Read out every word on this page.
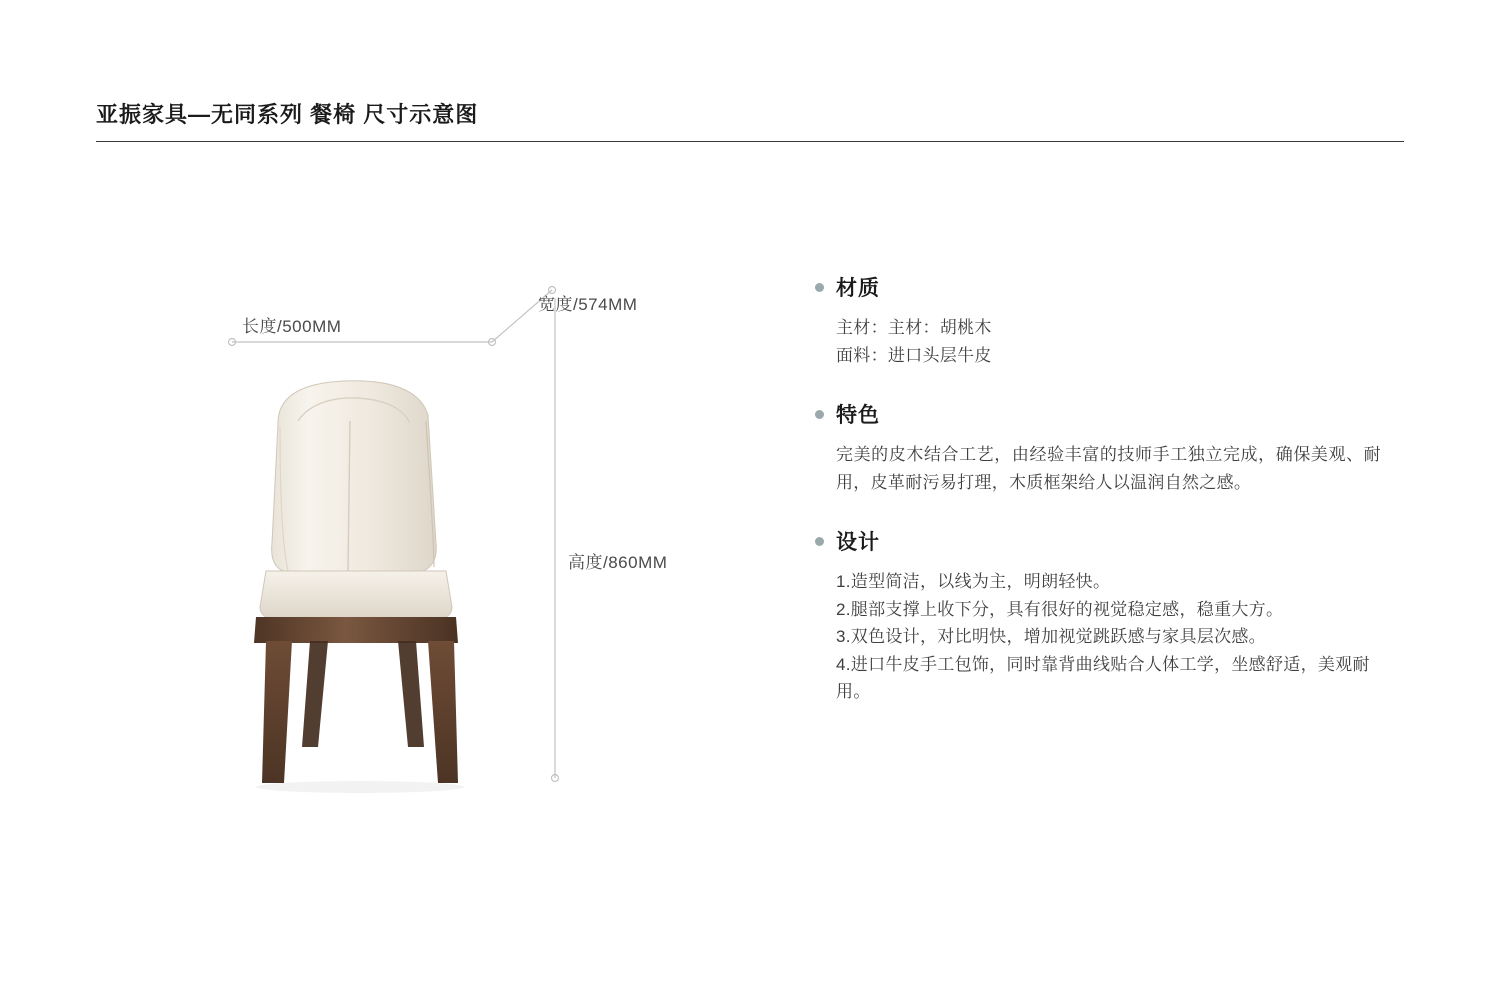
亚振家具—无同系列 餐椅 尺寸示意图
长度/500MM
宽度/574MM
高度/860MM
材质
主材：主材：胡桃木
面料：进口头层牛皮
特色
完美的皮木结合工艺，由经验丰富的技师手工独立完成，确保美观、耐用，皮革耐污易打理，木质框架给人以温润自然之感。
设计
1.造型简洁，以线为主，明朗轻快。
2.腿部支撑上收下分，具有很好的视觉稳定感，稳重大方。
3.双色设计，对比明快，增加视觉跳跃感与家具层次感。
4.进口牛皮手工包饰，同时靠背曲线贴合人体工学，坐感舒适，美观耐用。
